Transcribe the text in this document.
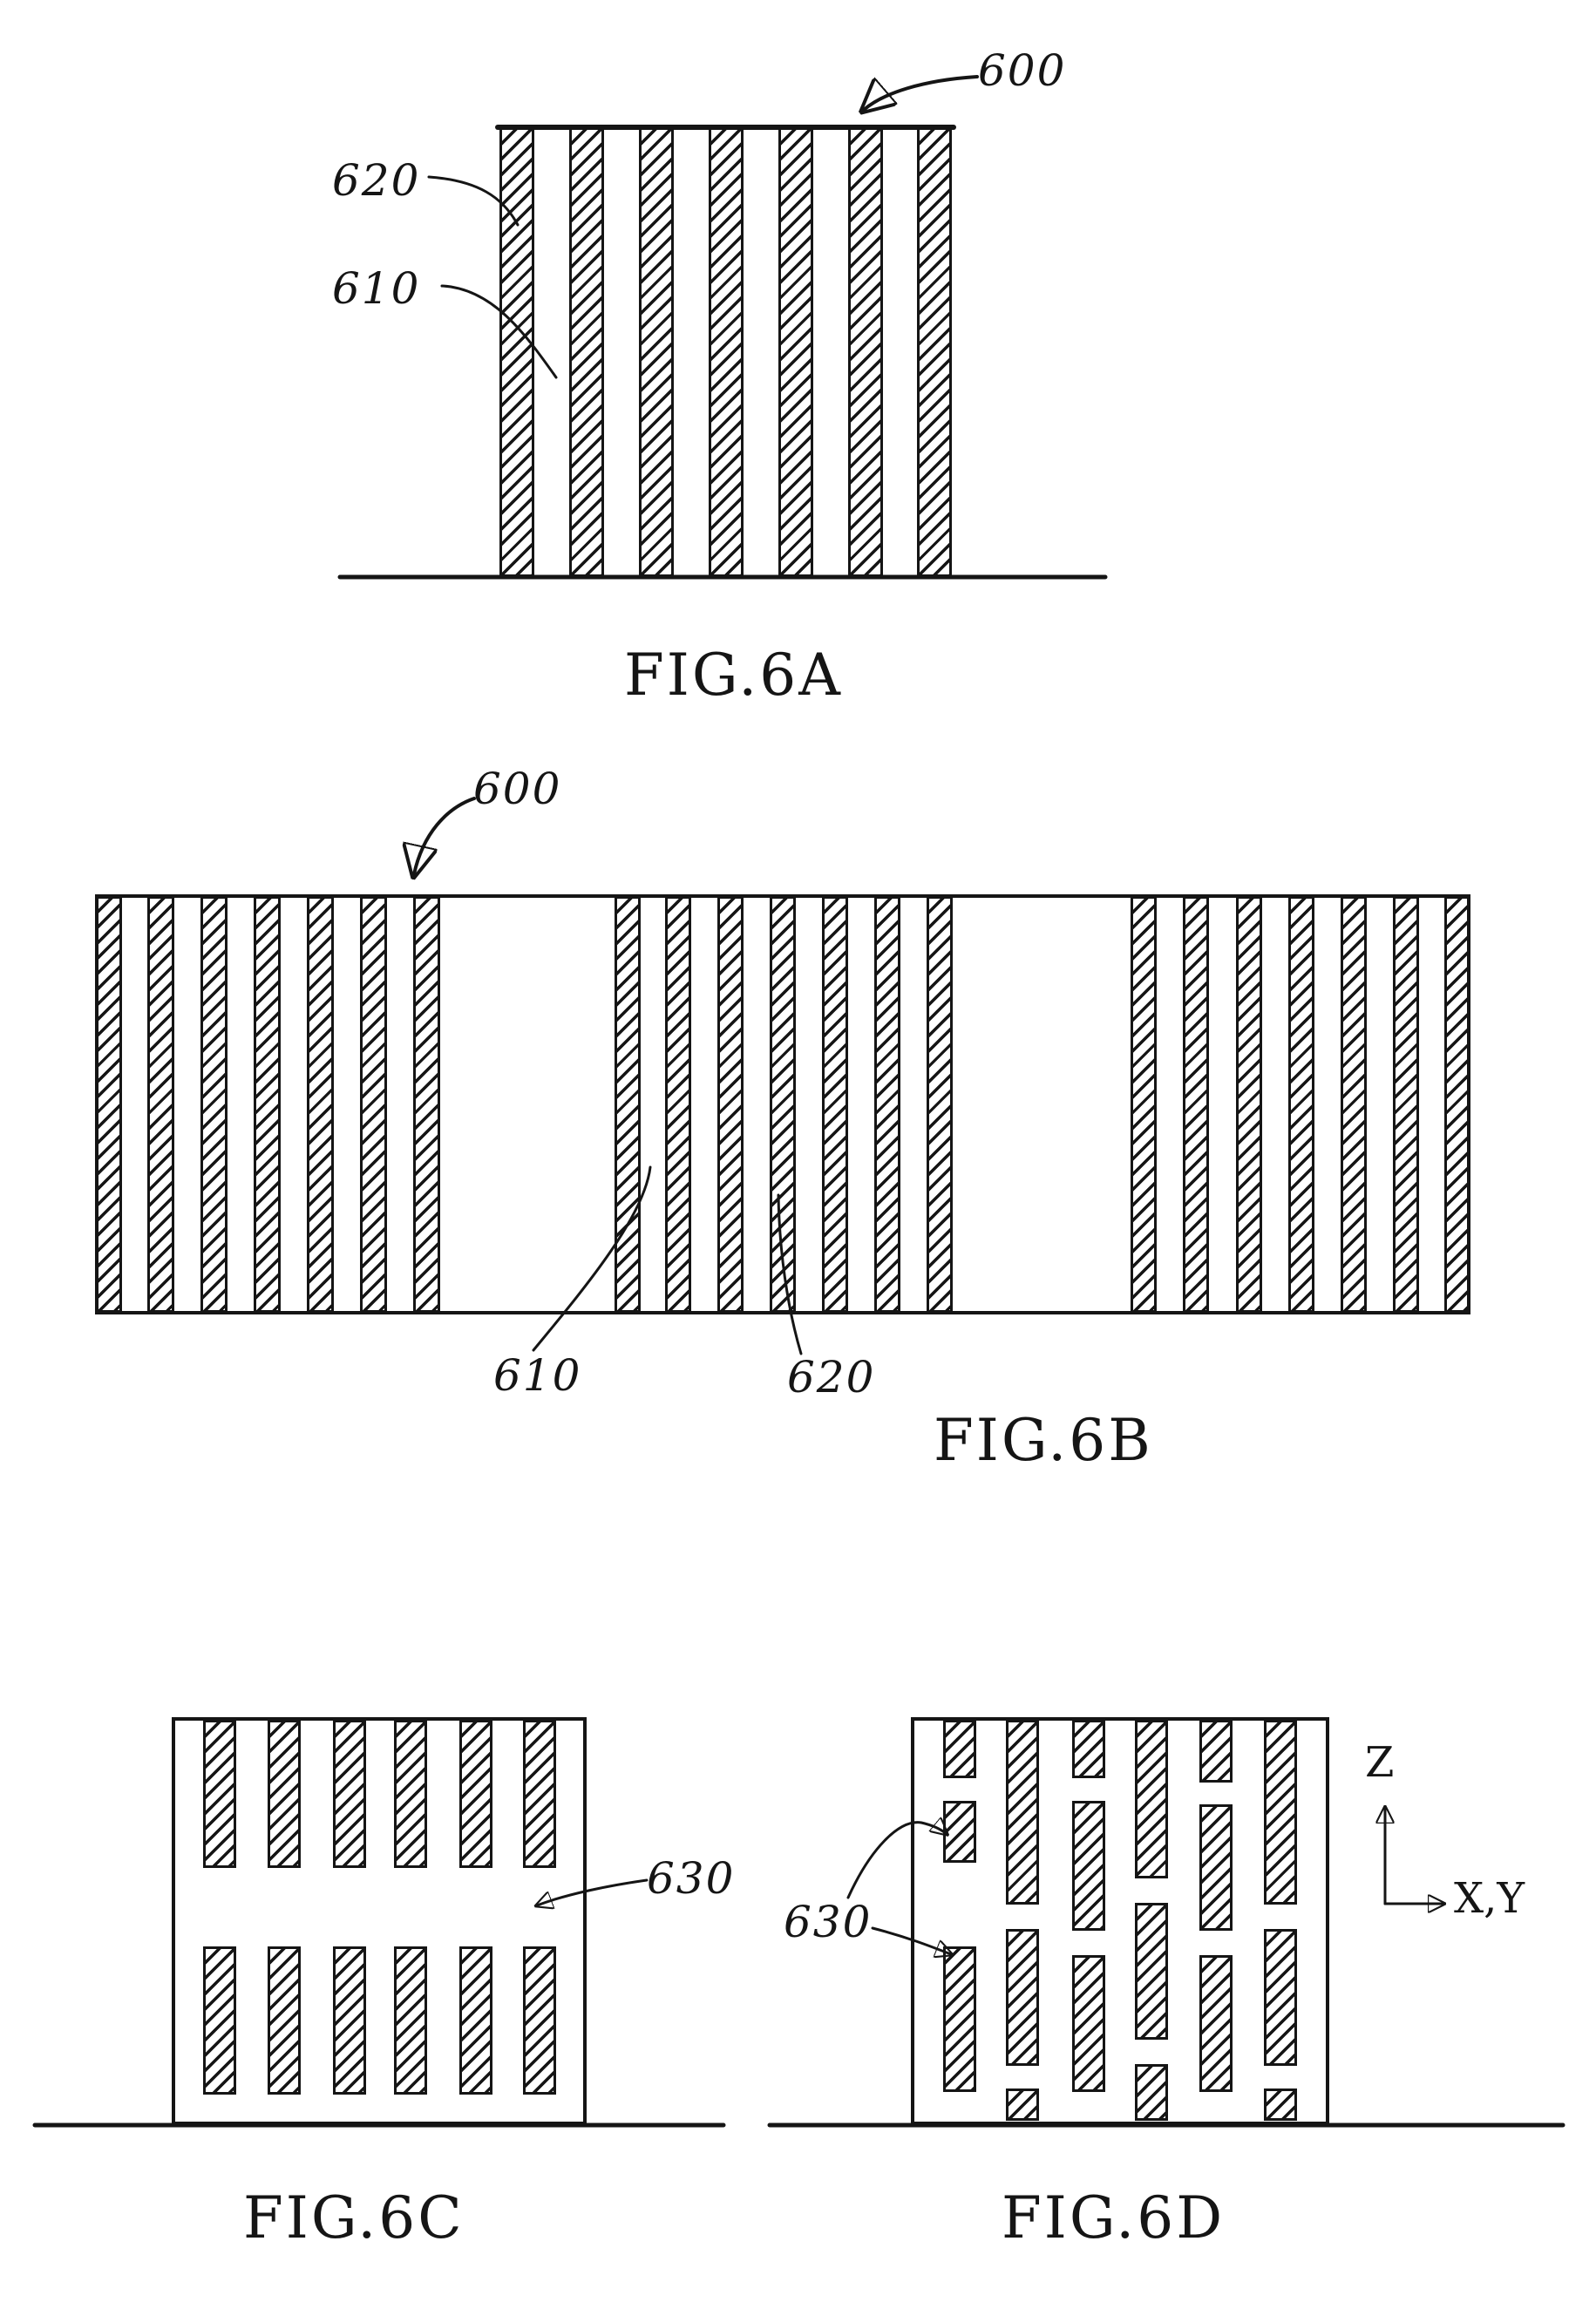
620
610
600
600
610	620
630
630
Z
X,Y
FIG.6A
FIG.6B
FIG.6C	FIG.6D
